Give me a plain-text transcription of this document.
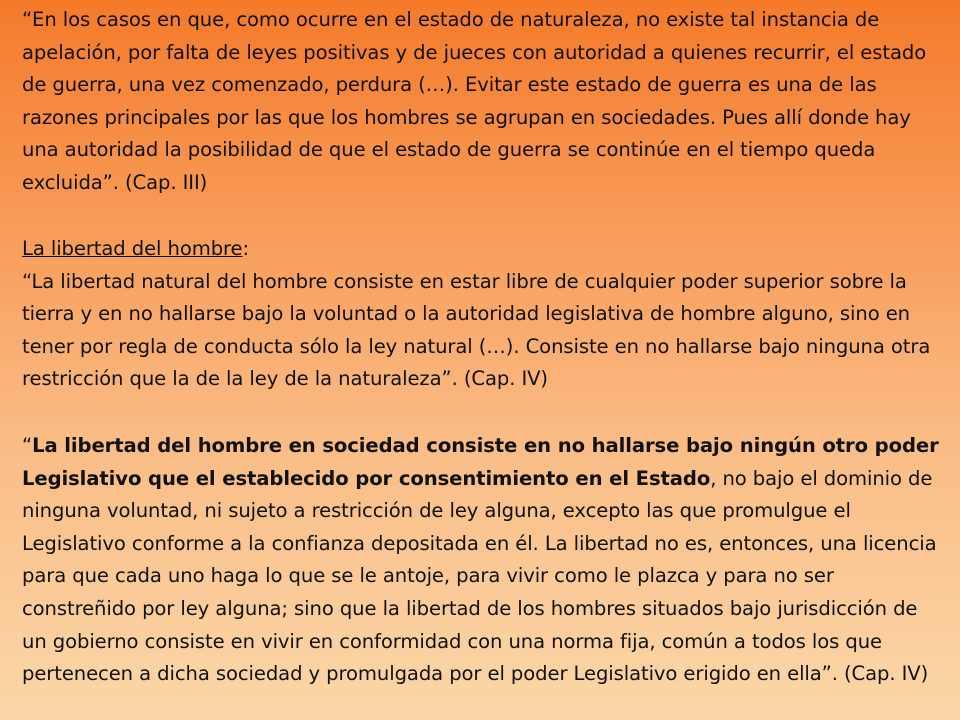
“En los casos en que, como ocurre en el estado de naturaleza, no existe tal instancia de apelación, por falta de leyes positivas y de jueces con autoridad a quienes recurrir, el estado de guerra, una vez comenzado, perdura (…). Evitar este estado de guerra es una de las razones principales por las que los hombres se agrupan en sociedades. Pues allí donde hay una autoridad la posibilidad de que el estado de guerra se continúe en el tiempo queda excluida”. (Cap. III)
La libertad del hombre:
“La libertad natural del hombre consiste en estar libre de cualquier poder superior sobre la tierra y en no hallarse bajo la voluntad o la autoridad legislativa de hombre alguno, sino en tener por regla de conducta sólo la ley natural (…). Consiste en no hallarse bajo ninguna otra restricción que la de la ley de la naturaleza”. (Cap. IV)
“La libertad del hombre en sociedad consiste en no hallarse bajo ningún otro poder Legislativo que el establecido por consentimiento en el Estado, no bajo el dominio de ninguna voluntad, ni sujeto a restricción de ley alguna, excepto las que promulgue el Legislativo conforme a la confianza depositada en él. La libertad no es, entonces, una licencia para que cada uno haga lo que se le antoje, para vivir como le plazca y para no ser constreñido por ley alguna; sino que la libertad de los hombres situados bajo jurisdicción de un gobierno consiste en vivir en conformidad con una norma fija, común a todos los que pertenecen a dicha sociedad y promulgada por el poder Legislativo erigido en ella”. (Cap. IV)
